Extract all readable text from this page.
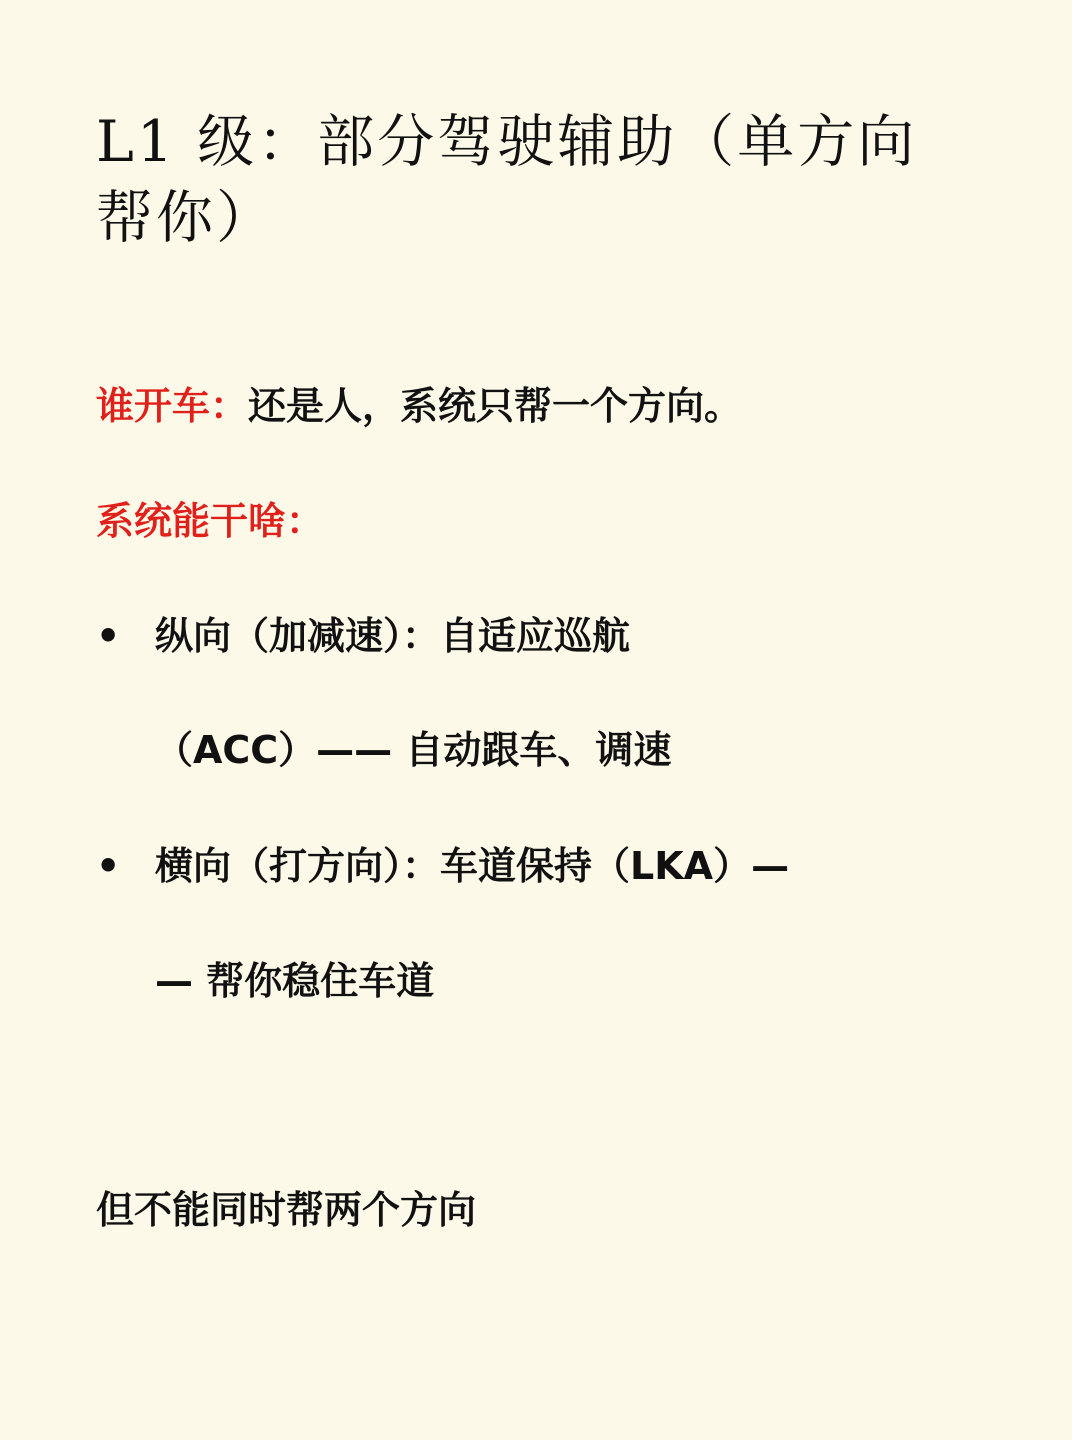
L1 级：部分驾驶辅助（单方向帮你）

谁开车：还是人，系统只帮一个方向。

系统能干啥：

• 纵向（加减速）：自适应巡航

（ACC）—— 自动跟车、调速

• 横向（打方向）：车道保持（LKA）—

— 帮你稳住车道

但不能同时帮两个方向
